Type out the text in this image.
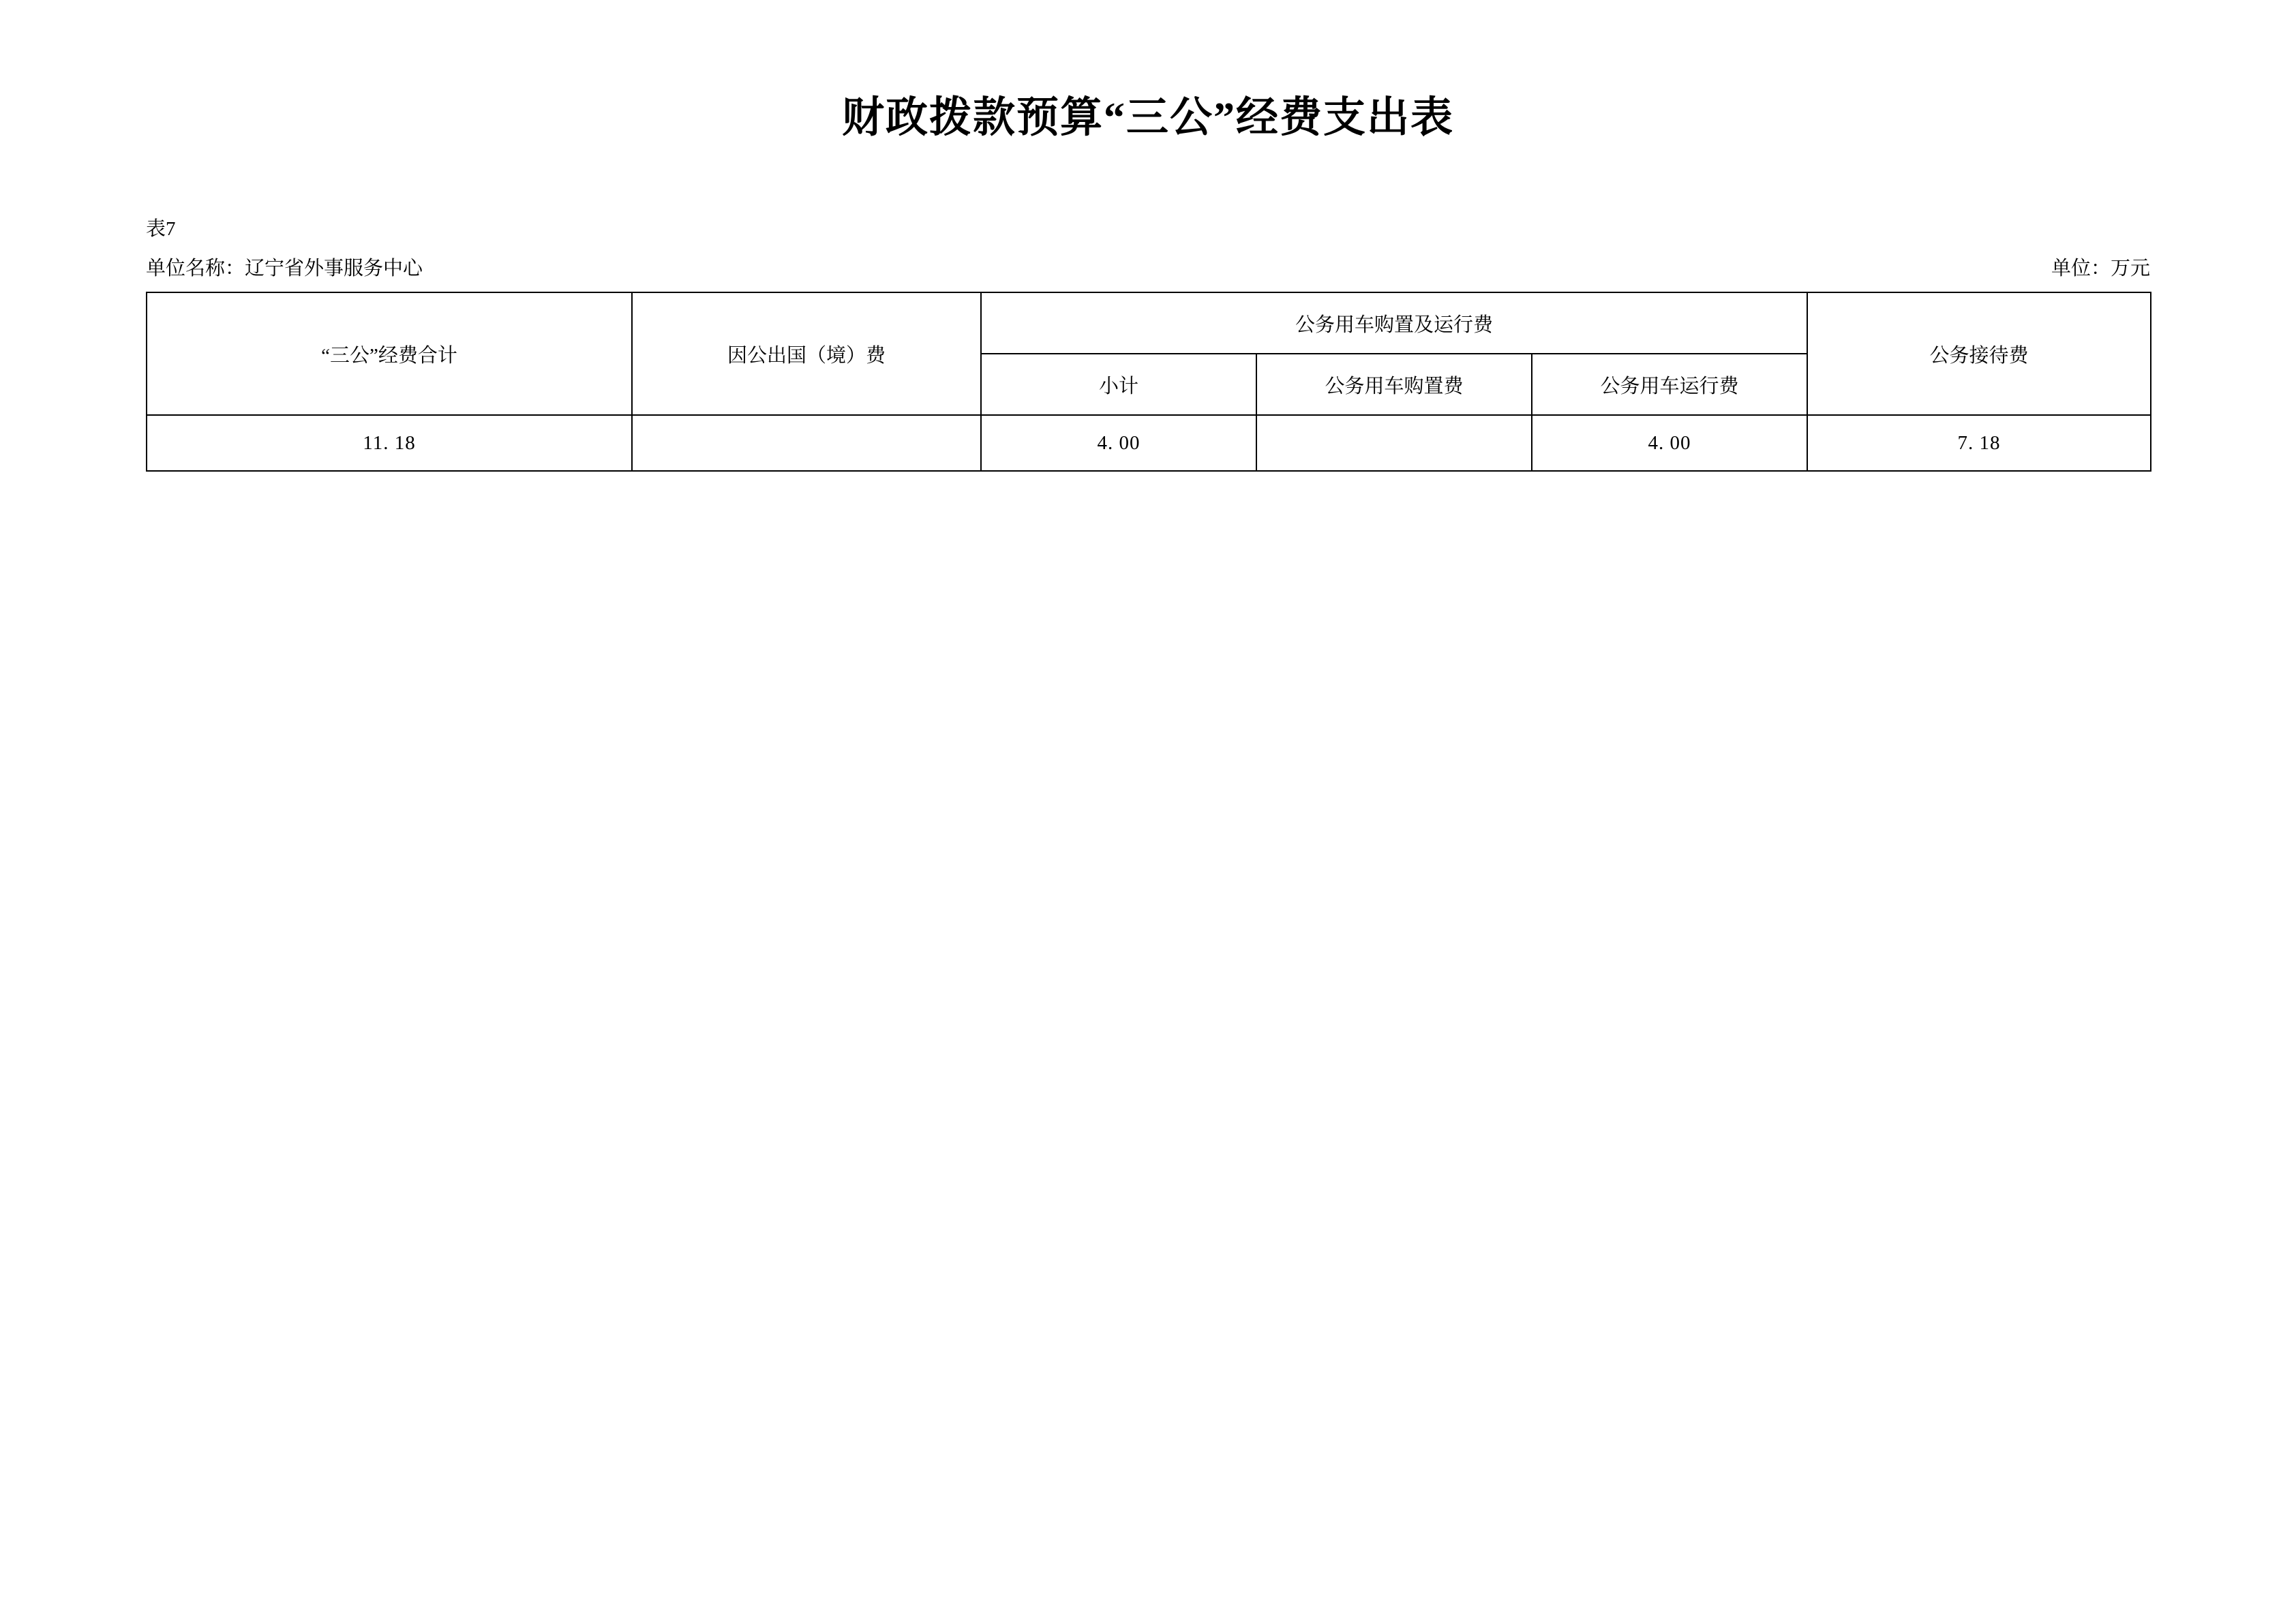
财政拨款预算“三公”经费支出表
表7

单位名称：辽宁省外事服务中心	单位：万元
“三公”经费合计	因公出国（境）费	公务用车购置及运行费			公务接待费
		小计	公务用车购置费	公务用车运行费	
11. 18		4. 00		4. 00	7. 18
